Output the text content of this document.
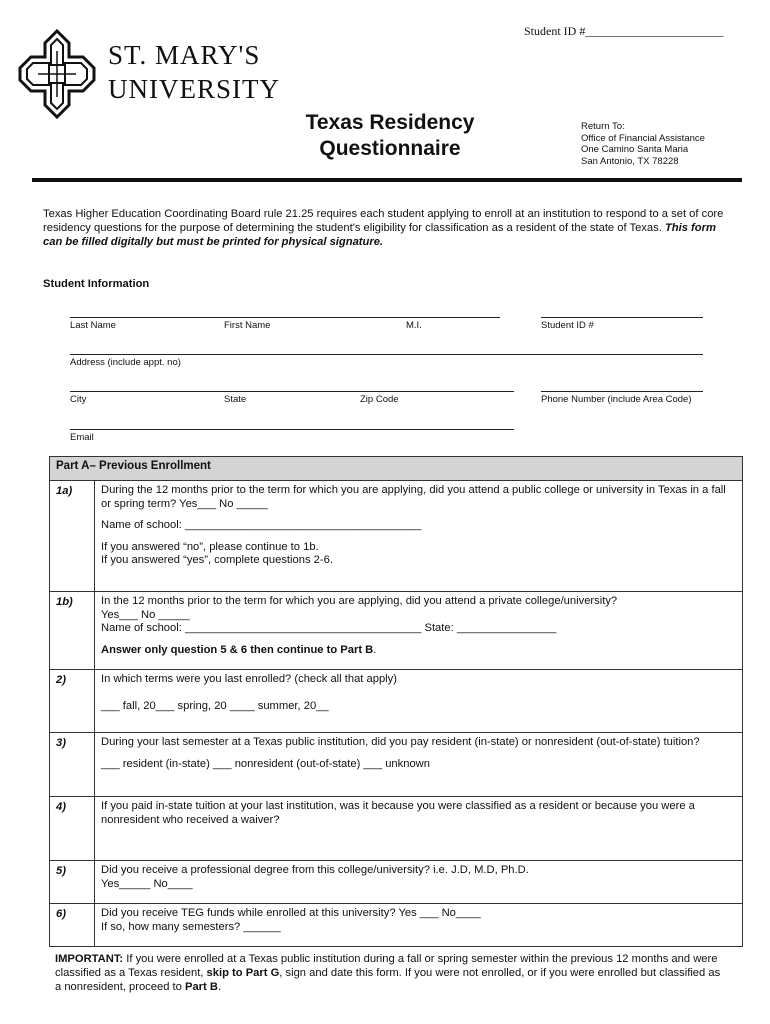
Student ID #_______________________
ST. MARY'S
UNIVERSITY
Texas Residency
Questionnaire
Return To:
Office of Financial Assistance
One Camino Santa Maria
San Antonio, TX 78228
Texas Higher Education Coordinating Board rule 21.25 requires each student applying to enroll at an institution to respond to a set of core residency questions for the purpose of determining the student's eligibility for classification as a resident of the state of Texas. This form can be filled digitally but must be printed for physical signature.
Student Information
Last Name	First Name	M.I.	Student ID #
Address (include appt. no)
City	State	Zip Code	Phone Number (include Area Code)
Email
Part A– Previous Enrollment	
1a)	During the 12 months prior to the term for which you are applying, did you attend a public college or university in Texas in a fall or spring term? Yes___ No _____
Name of school: ______________________________________
If you answered “no”, please continue to 1b.
If you answered “yes”, complete questions 2-6.

1b)	In the 12 months prior to the term for which you are applying, did you attend a private college/university?
Yes___ No _____
Name of school: ______________________________________ State: ________________
Answer only question 5 & 6 then continue to Part B.

2)	In which terms were you last enrolled? (check all that apply)
___ fall, 20___ spring, 20 ____ summer, 20__

3)	During your last semester at a Texas public institution, did you pay resident (in-state) or nonresident (out-of-state) tuition?
___ resident (in-state) ___ nonresident (out-of-state) ___ unknown

4)	If you paid in-state tuition at your last institution, was it because you were classified as a resident or because you were a nonresident who received a waiver?

5)	Did you receive a professional degree from this college/university? i.e. J.D, M.D, Ph.D.
Yes_____ No____

6)	Did you receive TEG funds while enrolled at this university? Yes ___ No____
If so, how many semesters? ______
IMPORTANT: If you were enrolled at a Texas public institution during a fall or spring semester within the previous 12 months and were classified as a Texas resident, skip to Part G, sign and date this form. If you were not enrolled, or if you were enrolled but classified as a nonresident, proceed to Part B.
